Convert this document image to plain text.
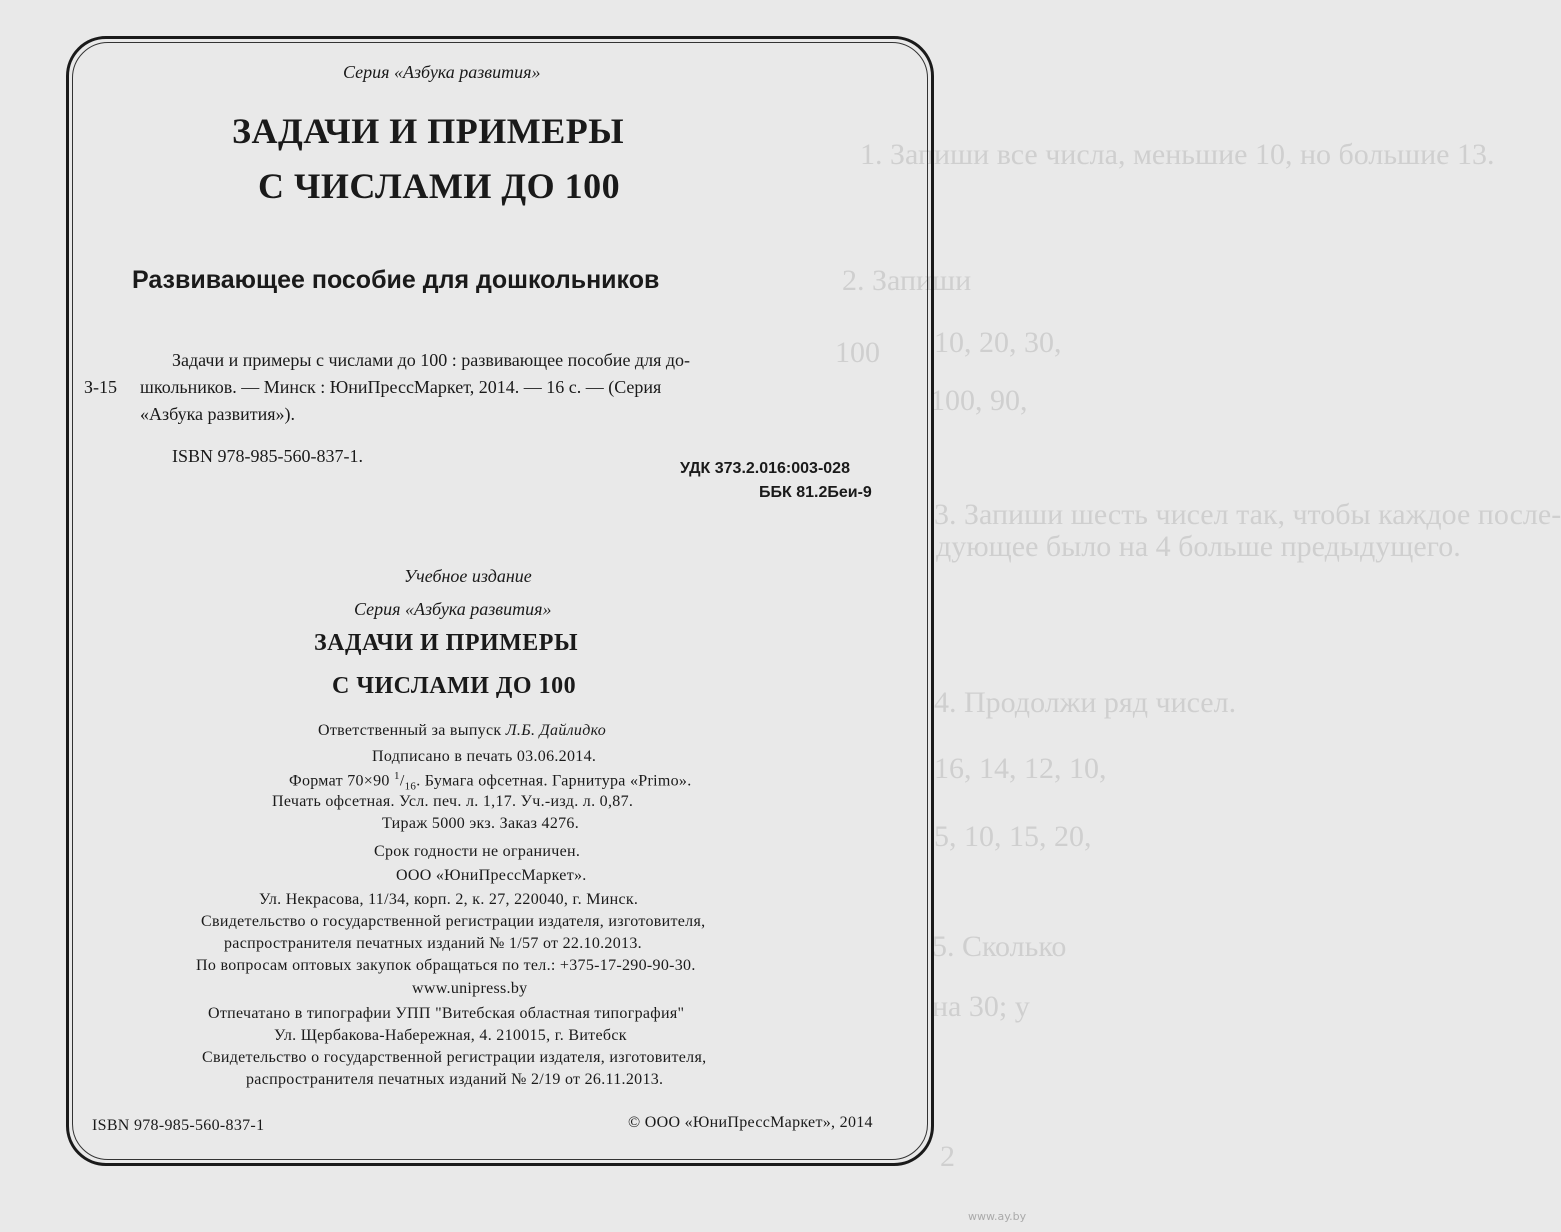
1. Запиши все числа, меньшие 10, но большие 13.
2. Запиши
10, 20, 30,
100, 90,
3. Запиши шесть чисел так, чтобы каждое после-
дующее было на 4 больше предыдущего.
4. Продолжи ряд чисел.
16, 14, 12, 10,
5, 10, 15, 20,
5. Сколько
на 30; у
100
2
Серия «Азбука развития»
ЗАДАЧИ И ПРИМЕРЫ
С ЧИСЛАМИ ДО 100
Развивающее пособие для дошкольников
Задачи и примеры с числами до 100 : развивающее пособие для до-
З-15 школьников. — Минск : ЮниПрессМаркет, 2014. — 16 с. — (Серия
«Азбука развития»).
ISBN 978-985-560-837-1.
УДК 373.2.016:003-028
ББК 81.2Беи-9
Учебное издание
Серия «Азбука развития»
ЗАДАЧИ И ПРИМЕРЫ
С ЧИСЛАМИ ДО 100
Ответственный за выпуск Л.Б. Дайлидко
Подписано в печать 03.06.2014.
Формат 70×90 $^1/_{16}$. Бумага офсетная. Гарнитура «Primo».
Печать офсетная. Усл. печ. л. 1,17. Уч.-изд. л. 0,87.
Тираж 5000 экз. Заказ 4276.
Срок годности не ограничен.
ООО «ЮниПрессМаркет».
Ул. Некрасова, 11/34, корп. 2, к. 27, 220040, г. Минск.
Свидетельство о государственной регистрации издателя, изготовителя,
распространителя печатных изданий № 1/57 от 22.10.2013.
По вопросам оптовых закупок обращаться по тел.: +375-17-290-90-30.
www.unipress.by
Отпечатано в типографии УПП "Витебская областная типография"
Ул. Щербакова-Набережная, 4. 210015, г. Витебск
Свидетельство о государственной регистрации издателя, изготовителя,
распространителя печатных изданий № 2/19 от 26.11.2013.
ISBN 978-985-560-837-1	© ООО «ЮниПрессМаркет», 2014
www.ay.by
